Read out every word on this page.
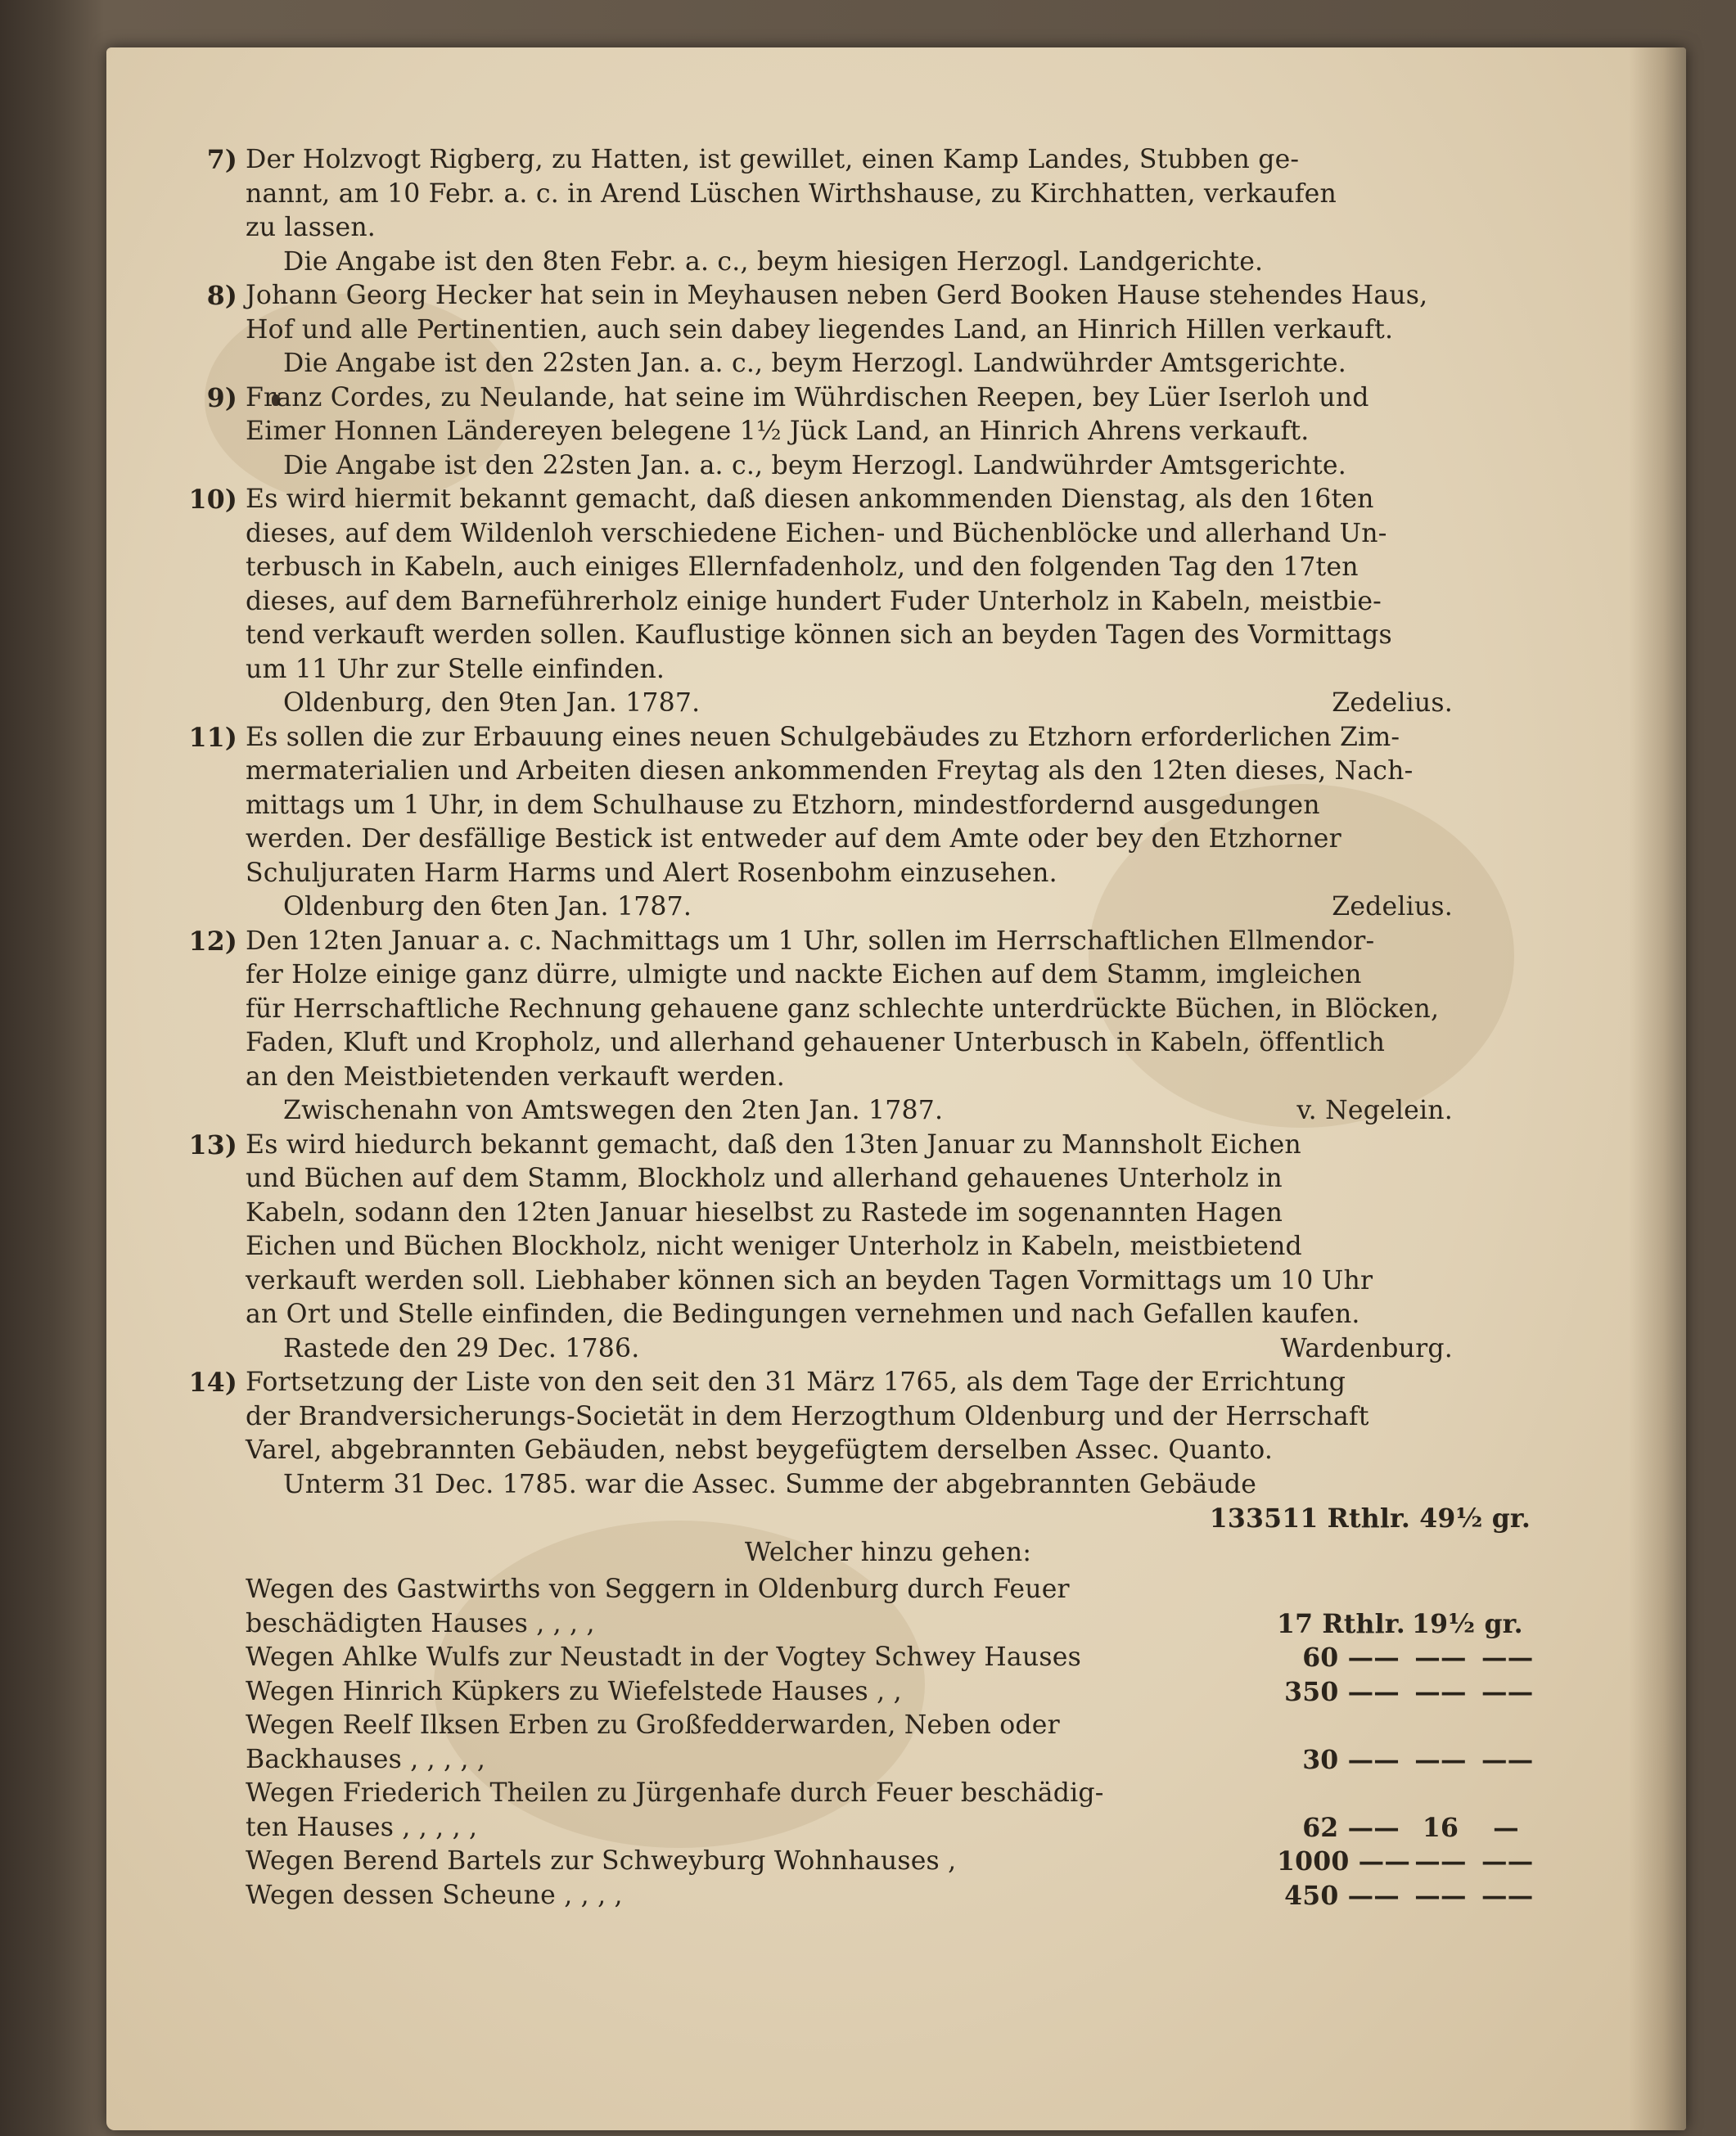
7) Der Holzvogt Rigberg, zu Hatten, ist gewillet, einen Kamp Landes, Stubben ge-
nannt, am 10 Febr. a. c. in Arend Lüschen Wirthshause, zu Kirchhatten, verkaufen
zu lassen.
Die Angabe ist den 8ten Febr. a. c., beym hiesigen Herzogl. Landgerichte.
8) Johann Georg Hecker hat sein in Meyhausen neben Gerd Booken Hause stehendes Haus,
Hof und alle Pertinentien, auch sein dabey liegendes Land, an Hinrich Hillen verkauft.
Die Angabe ist den 22sten Jan. a. c., beym Herzogl. Landwührder Amtsgerichte.
9) Franz Cordes, zu Neulande, hat seine im Wührdischen Reepen, bey Lüer Iserloh und
Eimer Honnen Ländereyen belegene 1½ Jück Land, an Hinrich Ahrens verkauft.
Die Angabe ist den 22sten Jan. a. c., beym Herzogl. Landwührder Amtsgerichte.
10) Es wird hiermit bekannt gemacht, daß diesen ankommenden Dienstag, als den 16ten
dieses, auf dem Wildenloh verschiedene Eichen- und Büchenblöcke und allerhand Un-
terbusch in Kabeln, auch einiges Ellernfadenholz, und den folgenden Tag den 17ten
dieses, auf dem Barneführerholz einige hundert Fuder Unterholz in Kabeln, meistbie-
tend verkauft werden sollen. Kauflustige können sich an beyden Tagen des Vormittags
um 11 Uhr zur Stelle einfinden.
Oldenburg, den 9ten Jan. 1787.	Zedelius.
11) Es sollen die zur Erbauung eines neuen Schulgebäudes zu Etzhorn erforderlichen Zim-
mermaterialien und Arbeiten diesen ankommenden Freytag als den 12ten dieses, Nach-
mittags um 1 Uhr, in dem Schulhause zu Etzhorn, mindestfordernd ausgedungen
werden. Der desfällige Bestick ist entweder auf dem Amte oder bey den Etzhorner
Schuljuraten Harm Harms und Alert Rosenbohm einzusehen.
Oldenburg den 6ten Jan. 1787.	Zedelius.
12) Den 12ten Januar a. c. Nachmittags um 1 Uhr, sollen im Herrschaftlichen Ellmendor-
fer Holze einige ganz dürre, ulmigte und nackte Eichen auf dem Stamm, imgleichen
für Herrschaftliche Rechnung gehauene ganz schlechte unterdrückte Büchen, in Blöcken,
Faden, Kluft und Kropholz, und allerhand gehauener Unterbusch in Kabeln, öffentlich
an den Meistbietenden verkauft werden.
Zwischenahn von Amtswegen den 2ten Jan. 1787.	v. Negelein.
13) Es wird hiedurch bekannt gemacht, daß den 13ten Januar zu Mannsholt Eichen
und Büchen auf dem Stamm, Blockholz und allerhand gehauenes Unterholz in
Kabeln, sodann den 12ten Januar hieselbst zu Rastede im sogenannten Hagen
Eichen und Büchen Blockholz, nicht weniger Unterholz in Kabeln, meistbietend
verkauft werden soll. Liebhaber können sich an beyden Tagen Vormittags um 10 Uhr
an Ort und Stelle einfinden, die Bedingungen vernehmen und nach Gefallen kaufen.
Rastede den 29 Dec. 1786.	Wardenburg.
14) Fortsetzung der Liste von den seit den 31 März 1765, als dem Tage der Errichtung
der Brandversicherungs-Societät in dem Herzogthum Oldenburg und der Herrschaft
Varel, abgebrannten Gebäuden, nebst beygefügtem derselben Assec. Quanto.
Unterm 31 Dec. 1785. war die Assec. Summe der abgebrannten Gebäude
133511 Rthlr. 49½ gr.
Welcher hinzu gehen:
Wegen des Gastwirths von Seggern in Oldenburg durch Feuer
beschädigten Hauses , , , ,	17 Rthlr. 19½ gr.
Wegen Ahlke Wulfs zur Neustadt in der Vogtey Schwey Hauses	60 —— —— ——
Wegen Hinrich Küpkers zu Wiefelstede Hauses , ,	350 —— —— ——
Wegen Reelf Ilksen Erben zu Großfedderwarden, Neben oder
Backhauses , , , , ,	30 —— —— ——
Wegen Friederich Theilen zu Jürgenhafe durch Feuer beschädig-
ten Hauses , , , , ,	62 —— 16	—
Wegen Berend Bartels zur Schweyburg Wohnhauses ,	1000 —— —— ——
Wegen dessen Scheune , , , ,	450 —— —— ——
